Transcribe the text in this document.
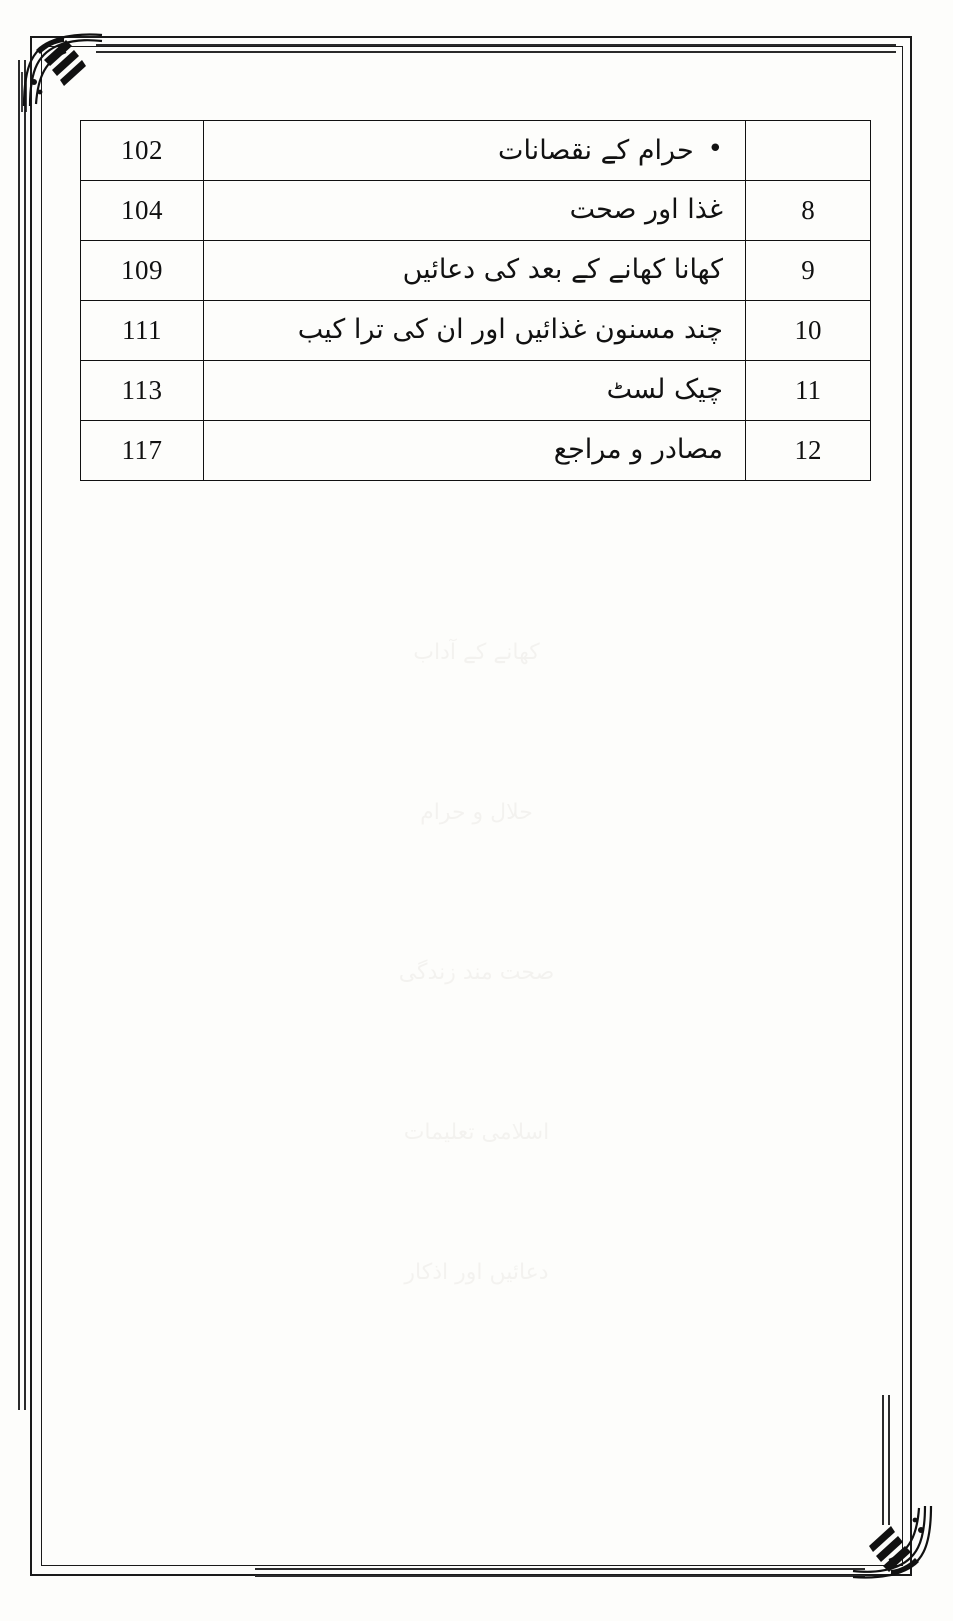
کھانے کے آداب
حلال و حرام
صحت مند زندگی
اسلامی تعلیمات
دعائیں اور اذکار
102	• حرام کے نقصانات	
104	غذا اور صحت	8
109	کھانا کھانے کے بعد کی دعائیں	9
111	چند مسنون غذائیں اور ان کی ترا کیب	10
113	چیک لسٹ	11
117	مصادر و مراجع	12
